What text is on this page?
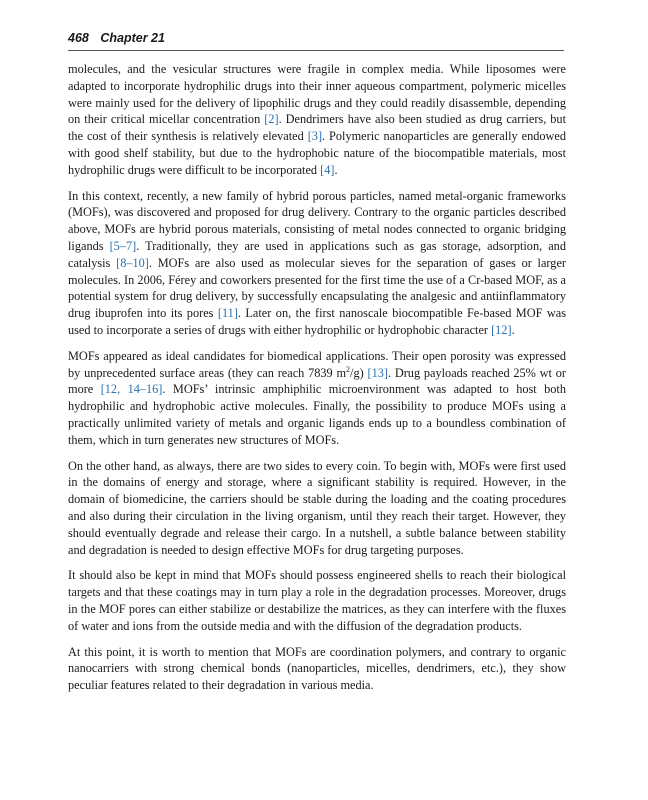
468 Chapter 21

molecules, and the vesicular structures were fragile in complex media. While liposomes were adapted to incorporate hydrophilic drugs into their inner aqueous compartment, polymeric micelles were mainly used for the delivery of lipophilic drugs and they could readily disassemble, depending on their critical micellar concentration [2]. Dendrimers have also been studied as drug carriers, but the cost of their synthesis is relatively elevated [3]. Polymeric nanoparticles are generally endowed with good shelf stability, but due to the hydrophobic nature of the biocompatible materials, most hydrophilic drugs were difficult to be incorporated [4].

In this context, recently, a new family of hybrid porous particles, named metal-organic frameworks (MOFs), was discovered and proposed for drug delivery. Contrary to the organic particles described above, MOFs are hybrid porous materials, consisting of metal nodes connected to organic bridging ligands [5–7]. Traditionally, they are used in applications such as gas storage, adsorption, and catalysis [8–10]. MOFs are also used as molecular sieves for the separation of gases or larger molecules. In 2006, Férey and coworkers presented for the first time the use of a Cr-based MOF, as a potential system for drug delivery, by successfully encapsulating the analgesic and antiinflammatory drug ibuprofen into its pores [11]. Later on, the first nanoscale biocompatible Fe-based MOF was used to incorporate a series of drugs with either hydrophilic or hydrophobic character [12].

MOFs appeared as ideal candidates for biomedical applications. Their open porosity was expressed by unprecedented surface areas (they can reach 7839 $m^2/g$) [13]. Drug payloads reached 25% wt or more [12, 14–16]. MOFs’ intrinsic amphiphilic microenvironment was adapted to host both hydrophilic and hydrophobic active molecules. Finally, the possibility to produce MOFs using a practically unlimited variety of metals and organic ligands ends up to a boundless combination of them, which in turn generates new structures of MOFs.

On the other hand, as always, there are two sides to every coin. To begin with, MOFs were first used in the domains of energy and storage, where a significant stability is required. However, in the domain of biomedicine, the carriers should be stable during the loading and the coating procedures and also during their circulation in the living organism, until they reach their target. However, they should eventually degrade and release their cargo. In a nutshell, a subtle balance between stability and degradation is needed to design effective MOFs for drug targeting purposes.

It should also be kept in mind that MOFs should possess engineered shells to reach their biological targets and that these coatings may in turn play a role in the degradation processes. Moreover, drugs in the MOF pores can either stabilize or destabilize the matrices, as they can interfere with the fluxes of water and ions from the outside media and with the diffusion of the degradation products.

At this point, it is worth to mention that MOFs are coordination polymers, and contrary to organic nanocarriers with strong chemical bonds (nanoparticles, micelles, dendrimers, etc.), they show peculiar features related to their degradation in various media.
